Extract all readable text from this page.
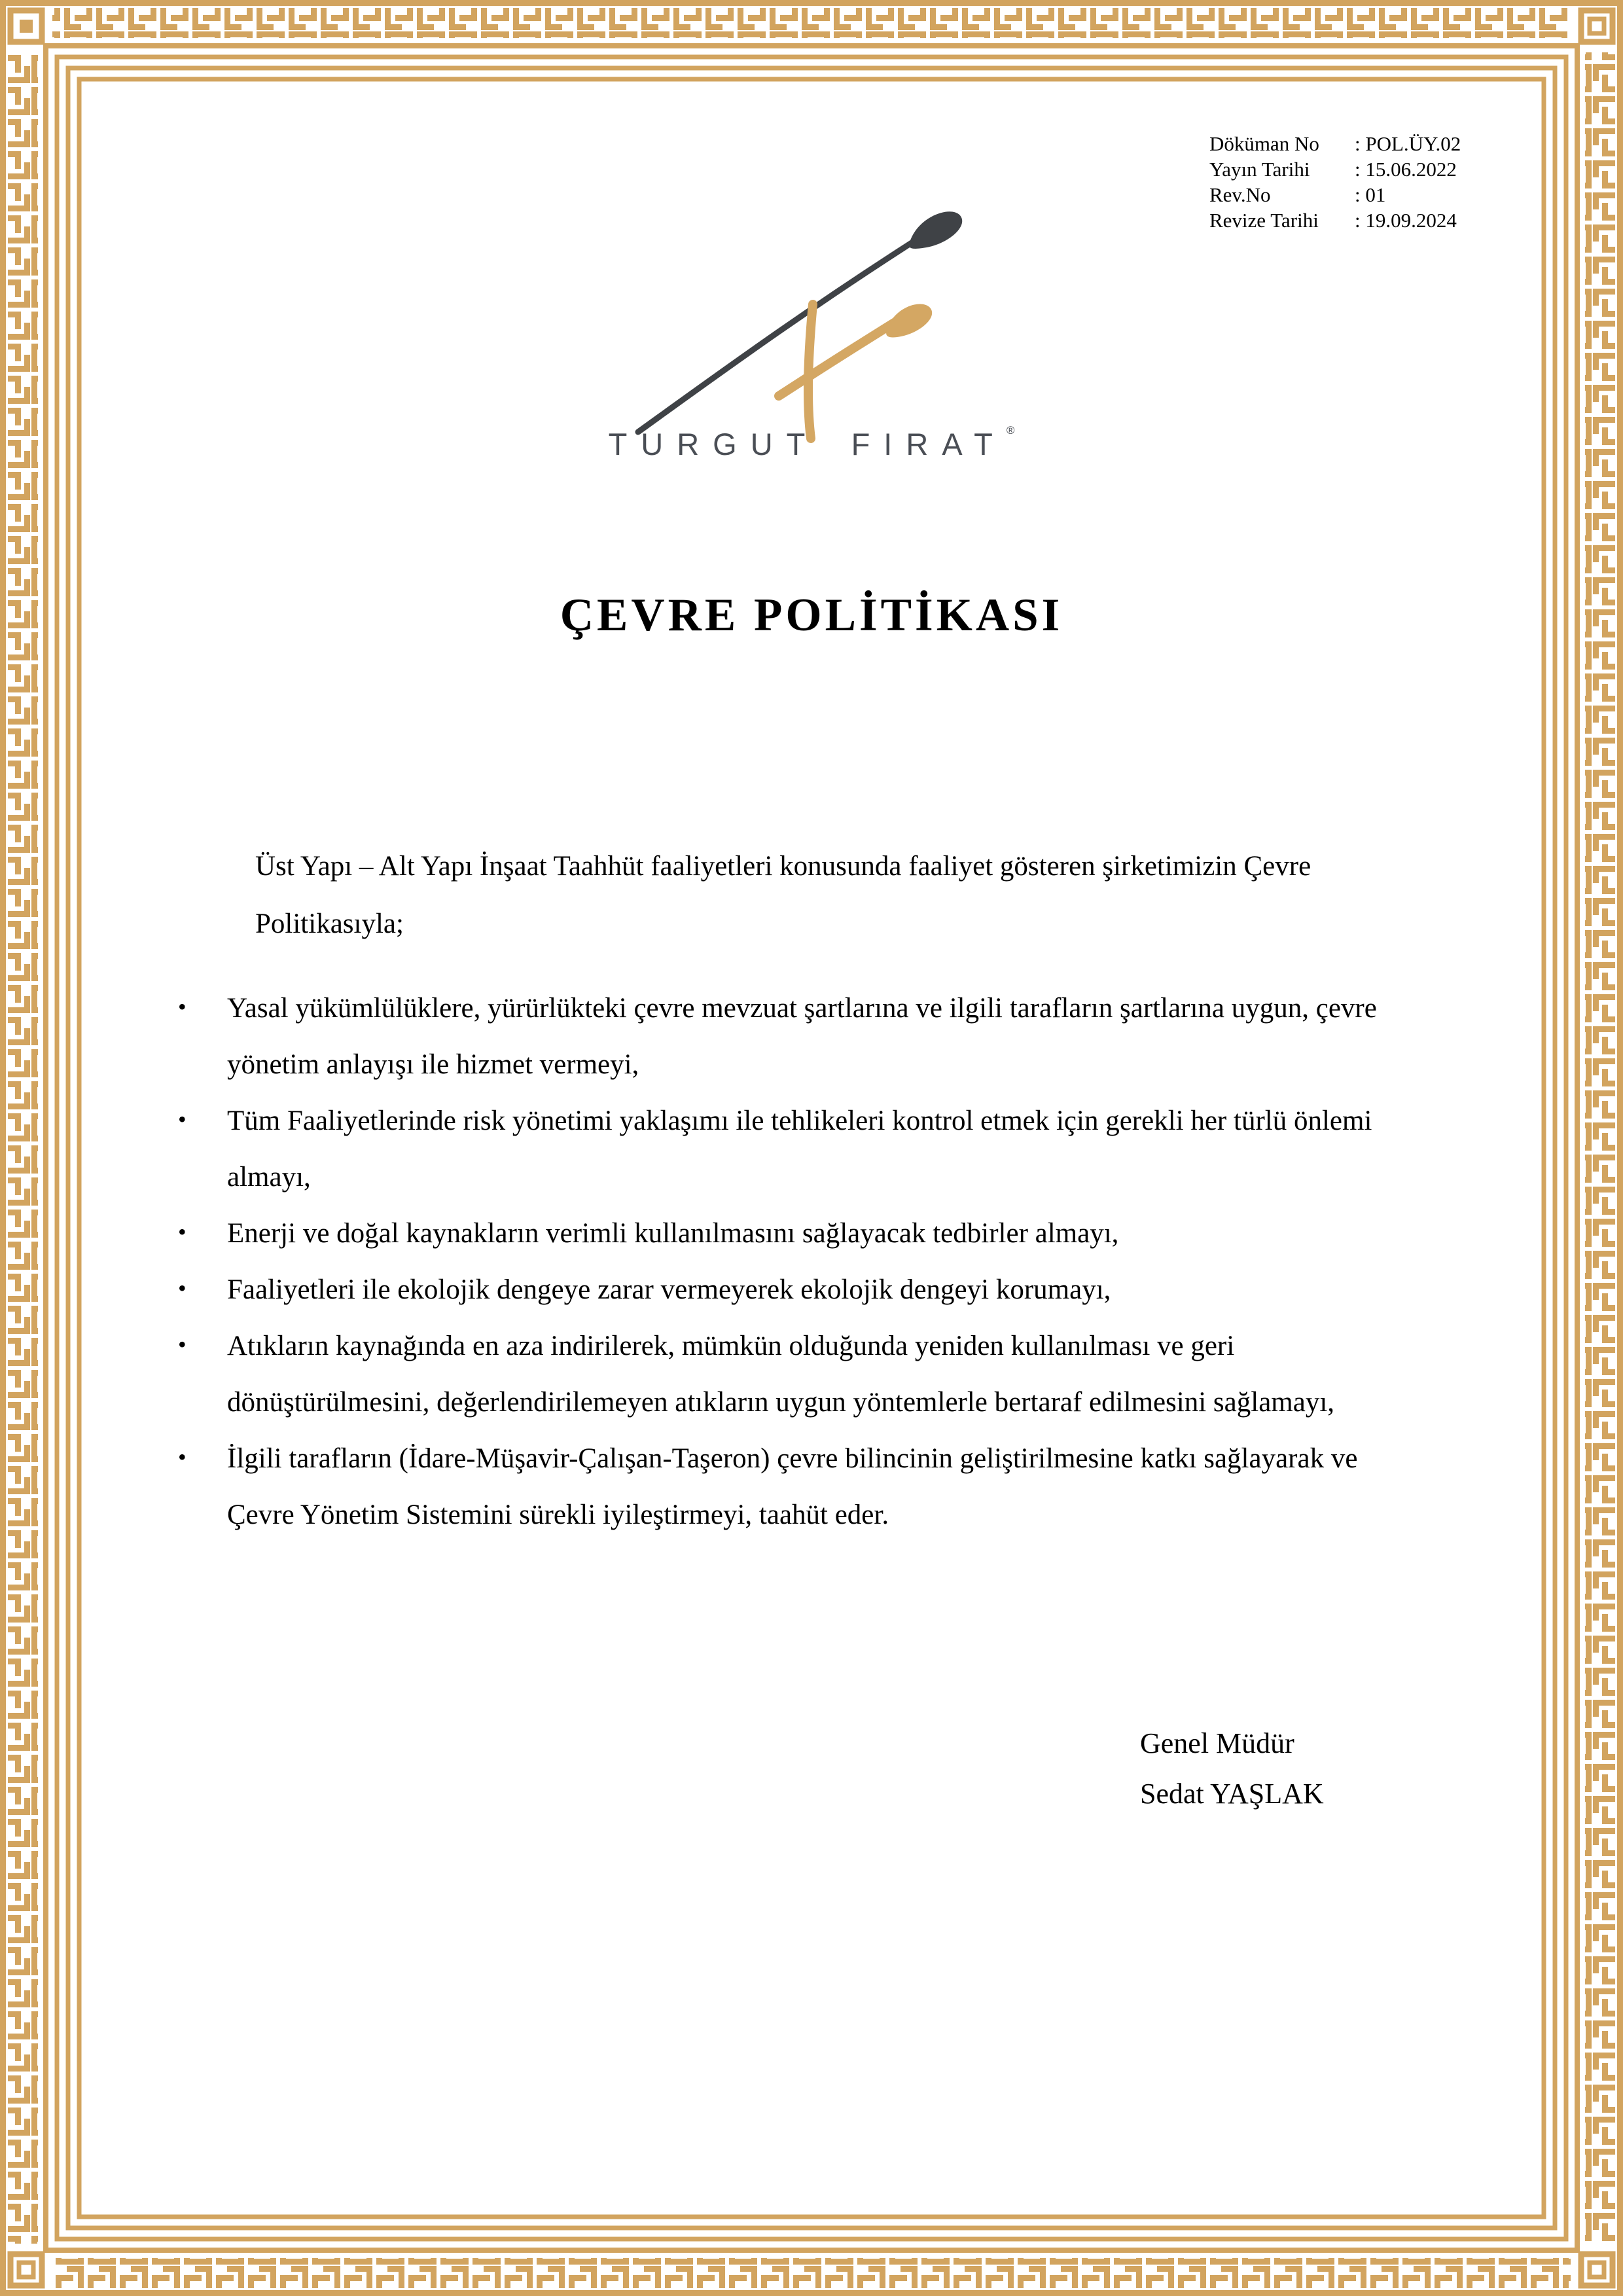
Döküman No	: POL.ÜY.02
Yayın Tarihi	: 15.06.2022
Rev.No	: 01
Revize Tarihi	: 19.09.2024
TURGUT FIRAT®
ÇEVRE POLİTİKASI
Üst Yapı – Alt Yapı İnşaat Taahhüt faaliyetleri konusunda faaliyet gösteren şirketimizin Çevre Politikasıyla;
• Yasal yükümlülüklere, yürürlükteki çevre mevzuat şartlarına ve ilgili tarafların şartlarına uygun, çevre yönetim anlayışı ile hizmet vermeyi,
• Tüm Faaliyetlerinde risk yönetimi yaklaşımı ile tehlikeleri kontrol etmek için gerekli her türlü önlemi almayı,
• Enerji ve doğal kaynakların verimli kullanılmasını sağlayacak tedbirler almayı,
• Faaliyetleri ile ekolojik dengeye zarar vermeyerek ekolojik dengeyi korumayı,
• Atıkların kaynağında en aza indirilerek, mümkün olduğunda yeniden kullanılması ve geri dönüştürülmesini, değerlendirilemeyen atıkların uygun yöntemlerle bertaraf edilmesini sağlamayı,
• İlgili tarafların (İdare-Müşavir-Çalışan-Taşeron) çevre bilincinin geliştirilmesine katkı sağlayarak ve Çevre Yönetim Sistemini sürekli iyileştirmeyi, taahüt eder.
Genel Müdür
Sedat YAŞLAK
